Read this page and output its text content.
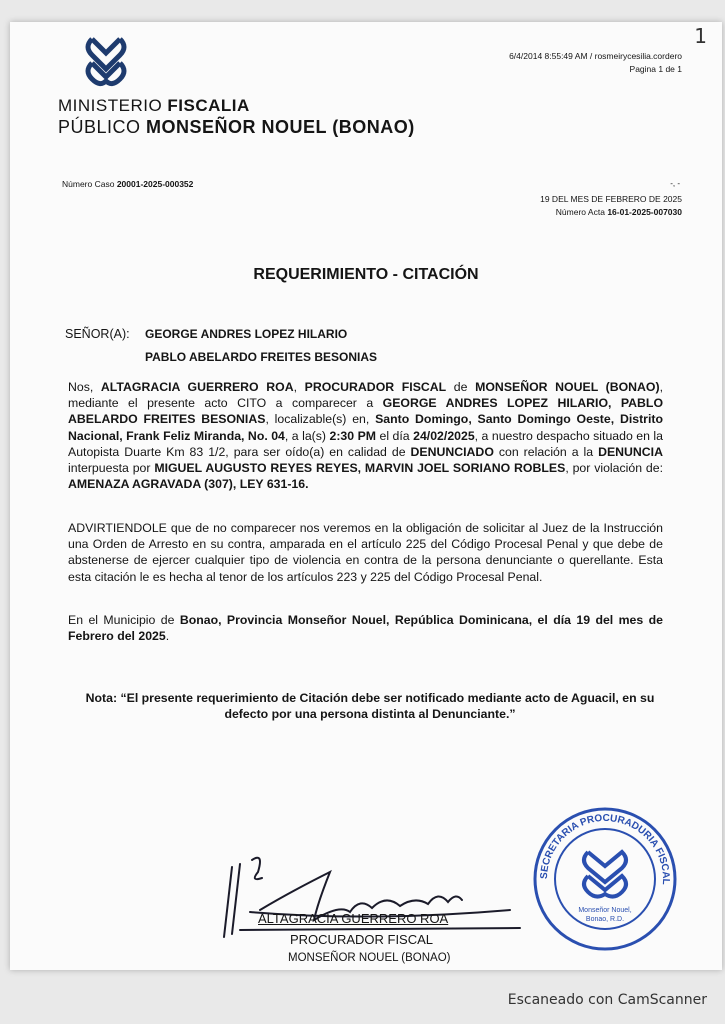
MINISTERIO FISCALIA
PÚBLICO MONSEÑOR NOUEL (BONAO)
6/4/2014 8:55:49 AM / rosmeirycesilia.cordero
Pagina 1 de 1
Número Caso 20001-2025-000352	-, -
19 DEL MES DE FEBRERO DE 2025
Número Acta 16-01-2025-007030
REQUERIMIENTO - CITACIÓN
SEÑOR(A): GEORGE ANDRES LOPEZ HILARIO
PABLO ABELARDO FREITES BESONIAS
Nos, ALTAGRACIA GUERRERO ROA, PROCURADOR FISCAL de MONSEÑOR NOUEL (BONAO), mediante el presente acto CITO a comparecer a GEORGE ANDRES LOPEZ HILARIO, PABLO ABELARDO FREITES BESONIAS, localizable(s) en, Santo Domingo, Santo Domingo Oeste, Distrito Nacional, Frank Feliz Miranda, No. 04, a la(s) 2:30 PM el día 24/02/2025, a nuestro despacho situado en la Autopista Duarte Km 83 1/2, para ser oído(a) en calidad de DENUNCIADO con relación a la DENUNCIA interpuesta por MIGUEL AUGUSTO REYES REYES, MARVIN JOEL SORIANO ROBLES, por violación de: AMENAZA AGRAVADA (307), LEY 631-16.
ADVIRTIENDOLE que de no comparecer nos veremos en la obligación de solicitar al Juez de la Instrucción una Orden de Arresto en su contra, amparada en el artículo 225 del Código Procesal Penal y que debe de abstenerse de ejercer cualquier tipo de violencia en contra de la persona denunciante o querellante. Esta esta citación le es hecha al tenor de los artículos 223 y 225 del Código Procesal Penal.
En el Municipio de Bonao, Provincia Monseñor Nouel, República Dominicana, el día 19 del mes de Febrero del 2025.
Nota: “El presente requerimiento de Citación debe ser notificado mediante acto de Aguacil, en su defecto por una persona distinta al Denunciante.”
ALTAGRACIA GUERRERO ROA
PROCURADOR FISCAL
MONSEÑOR NOUEL (BONAO)
SECRETARIA PROCURADURIA FISCAL
Monseñor Nouel,
Bonao, R.D.
1
Escaneado con CamScanner
